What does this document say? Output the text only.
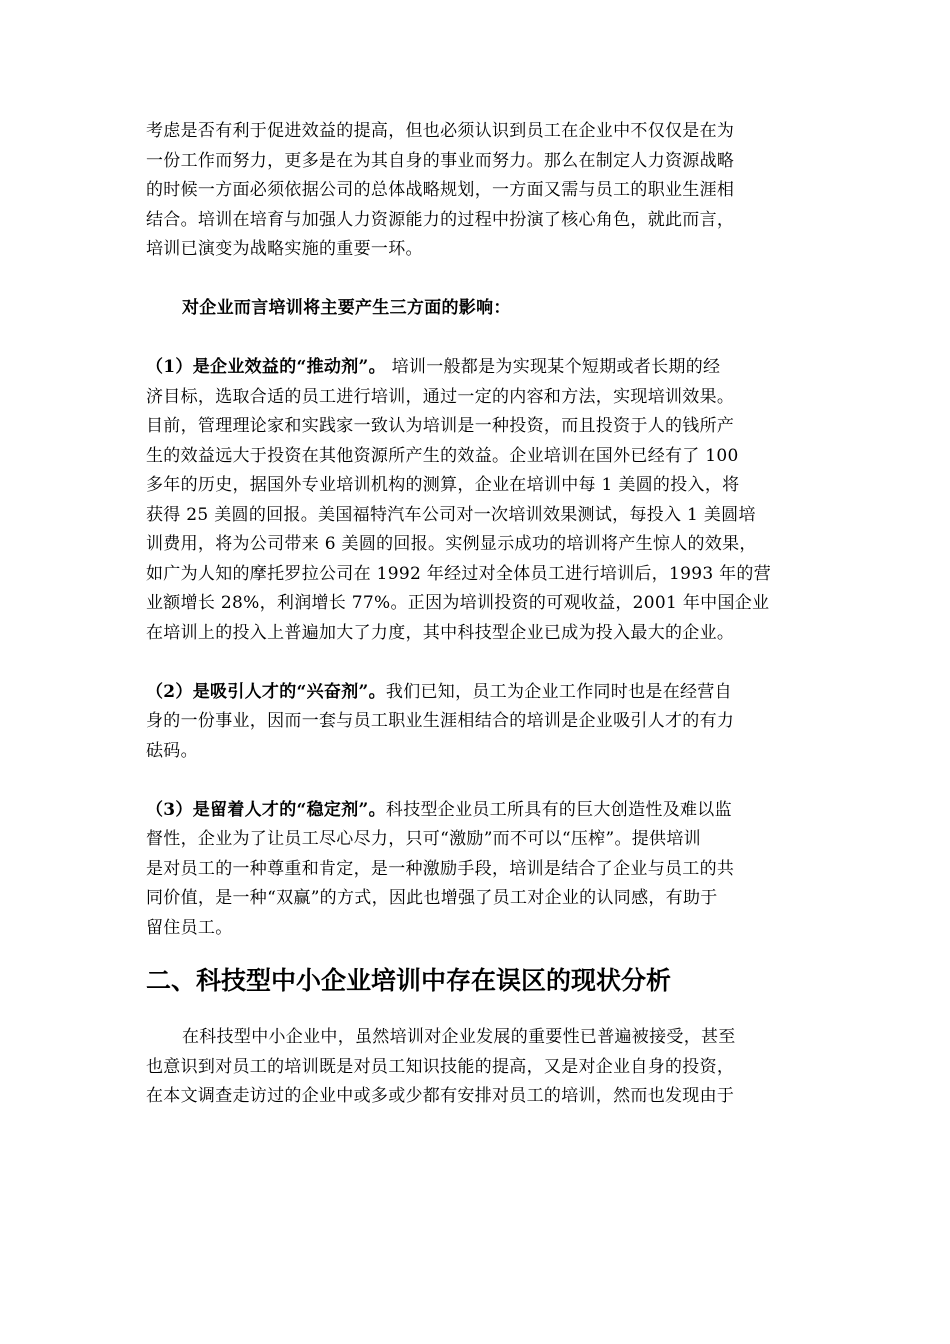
考虑是否有利于促进效益的提高，但也必须认识到员工在企业中不仅仅是在为
一份工作而努力，更多是在为其自身的事业而努力。那么在制定人力资源战略
的时候一方面必须依据公司的总体战略规划，一方面又需与员工的职业生涯相
结合。培训在培育与加强人力资源能力的过程中扮演了核心角色，就此而言，
培训已演变为战略实施的重要一环。
对企业而言培训将主要产生三方面的影响：
（1）是企业效益的“推动剂”。 培训一般都是为实现某个短期或者长期的经
济目标，选取合适的员工进行培训，通过一定的内容和方法，实现培训效果。
目前，管理理论家和实践家一致认为培训是一种投资，而且投资于人的钱所产
生的效益远大于投资在其他资源所产生的效益。企业培训在国外已经有了 100
多年的历史，据国外专业培训机构的测算，企业在培训中每 1 美圆的投入，将
获得 25 美圆的回报。美国福特汽车公司对一次培训效果测试，每投入 1 美圆培
训费用，将为公司带来 6 美圆的回报。实例显示成功的培训将产生惊人的效果，
如广为人知的摩托罗拉公司在 1992 年经过对全体员工进行培训后，1993 年的营
业额增长 28%，利润增长 77%。正因为培训投资的可观收益，2001 年中国企业
在培训上的投入上普遍加大了力度，其中科技型企业已成为投入最大的企业。
（2）是吸引人才的“兴奋剂”。我们已知，员工为企业工作同时也是在经营自
身的一份事业，因而一套与员工职业生涯相结合的培训是企业吸引人才的有力
砝码。
（3）是留着人才的“稳定剂”。科技型企业员工所具有的巨大创造性及难以监
督性，企业为了让员工尽心尽力，只可“激励”而不可以“压榨”。提供培训
是对员工的一种尊重和肯定，是一种激励手段，培训是结合了企业与员工的共
同价值，是一种“双赢”的方式，因此也增强了员工对企业的认同感，有助于
留住员工。
二、科技型中小企业培训中存在误区的现状分析
在科技型中小企业中，虽然培训对企业发展的重要性已普遍被接受，甚至
也意识到对员工的培训既是对员工知识技能的提高，又是对企业自身的投资，
在本文调查走访过的企业中或多或少都有安排对员工的培训，然而也发现由于
